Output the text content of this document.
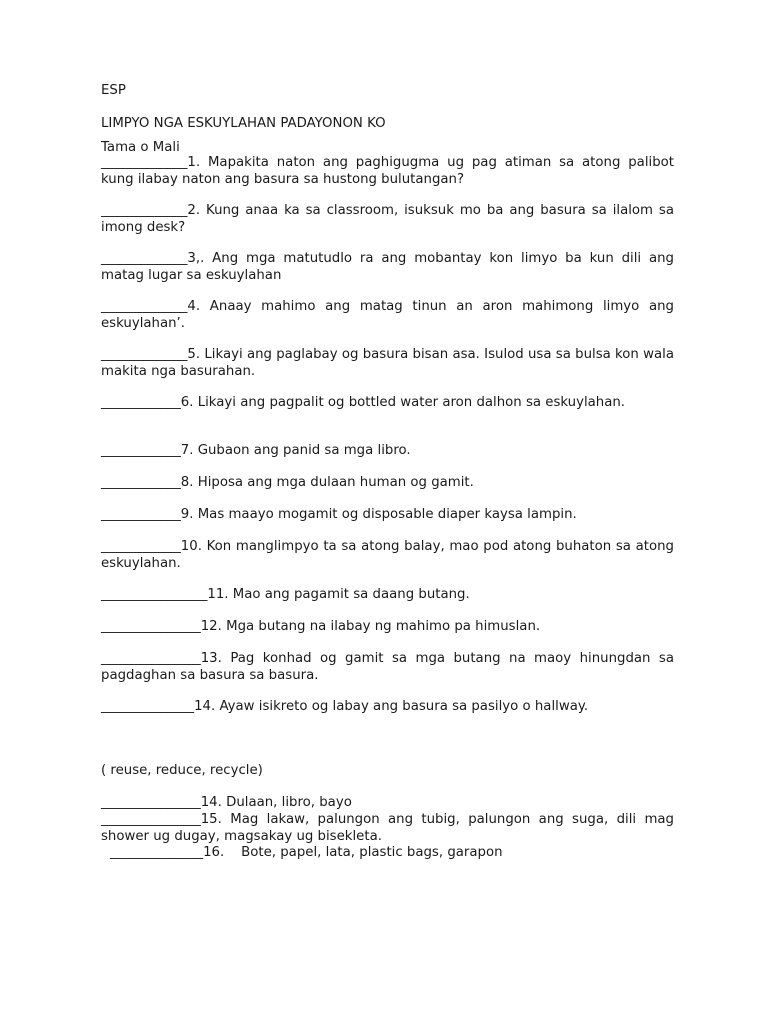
ESP
LIMPYO NGA ESKUYLAHAN PADAYONON KO
Tama o Mali
_____________1. Mapakita naton ang paghigugma ug pag atiman sa atong palibot kung ilabay naton ang basura sa hustong bulutangan?
_____________2. Kung anaa ka sa classroom, isuksuk mo ba ang basura sa ilalom sa imong desk?
_____________3,. Ang mga matutudlo ra ang mobantay kon limyo ba kun dili ang matag lugar sa eskuylahan
_____________4. Anaay mahimo ang matag tinun an aron mahimong limyo ang eskuylahan’.
_____________5. Likayi ang paglabay og basura bisan asa. Isulod usa sa bulsa kon wala makita nga basurahan.
____________6. Likayi ang pagpalit og bottled water aron dalhon sa eskuylahan.
____________7. Gubaon ang panid sa mga libro.
____________8. Hiposa ang mga dulaan human og gamit.
____________9. Mas maayo mogamit og disposable diaper kaysa lampin.
____________10. Kon manglimpyo ta sa atong balay, mao pod atong buhaton sa atong eskuylahan.
________________11. Mao ang pagamit sa daang butang.
_______________12. Mga butang na ilabay ng mahimo pa himuslan.
_______________13. Pag konhad og gamit sa mga butang na maoy hinungdan sa pagdaghan sa basura sa basura.
______________14. Ayaw isikreto og labay ang basura sa pasilyo o hallway.
( reuse, reduce, recycle)
_______________14. Dulaan, libro, bayo
_______________15. Mag lakaw, palungon ang tubig, palungon ang suga, dili mag shower ug dugay, magsakay ug bisekleta.
______________16.    Bote, papel, lata, plastic bags, garapon
